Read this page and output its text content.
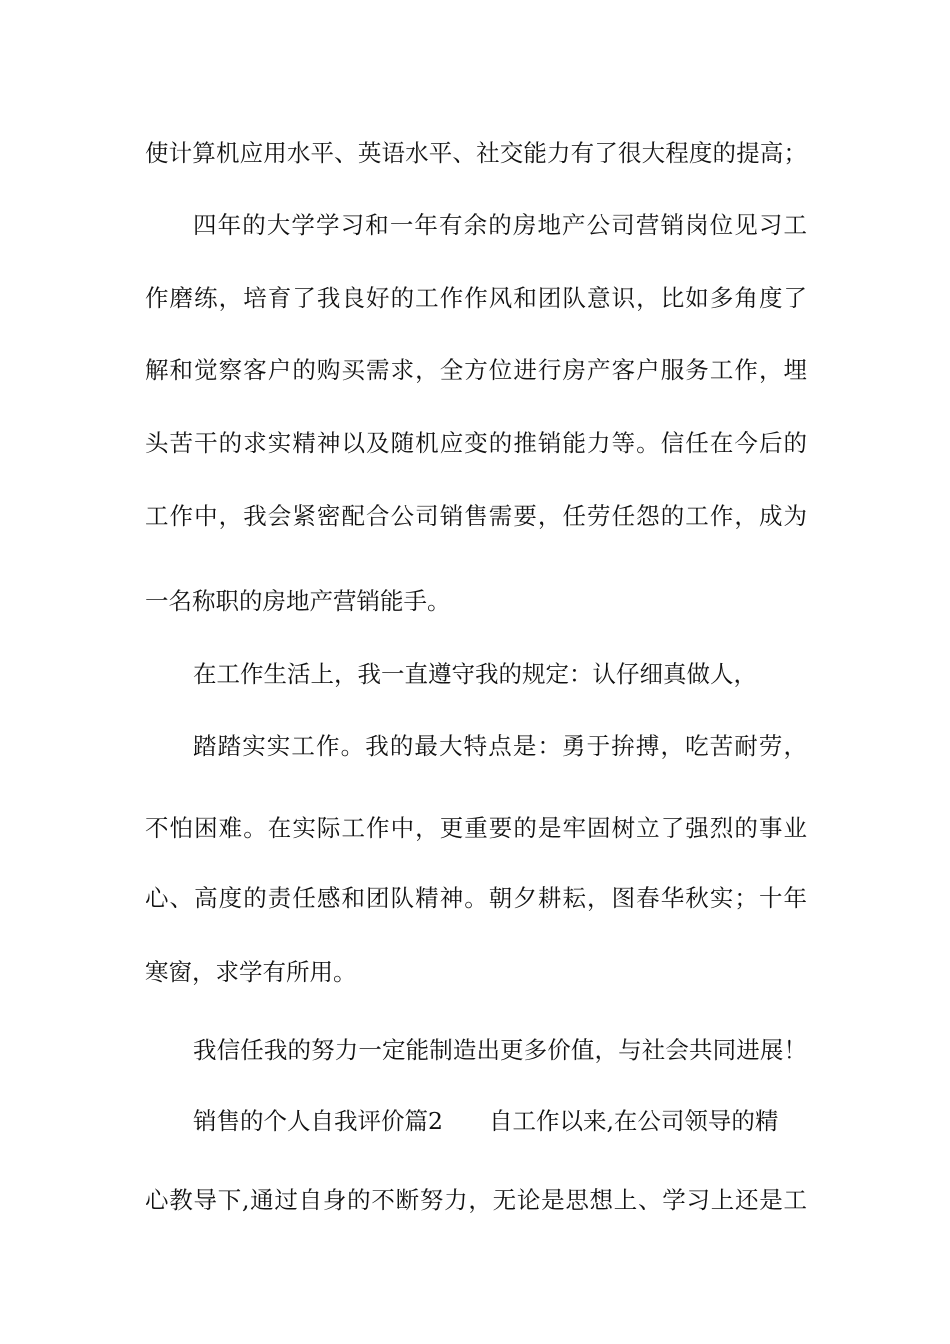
使计算机应用水平、英语水平、社交能力有了很大程度的提高；
四年的大学学习和一年有余的房地产公司营销岗位见习工
作磨练，培育了我良好的工作作风和团队意识，比如多角度了
解和觉察客户的购买需求，全方位进行房产客户服务工作，埋
头苦干的求实精神以及随机应变的推销能力等。信任在今后的
工作中，我会紧密配合公司销售需要，任劳任怨的工作，成为
一名称职的房地产营销能手。
在工作生活上，我一直遵守我的规定：认仔细真做人，
踏踏实实工作。我的最大特点是：勇于拚搏，吃苦耐劳，
不怕困难。在实际工作中，更重要的是牢固树立了强烈的事业
心、高度的责任感和团队精神。朝夕耕耘，图春华秋实；十年
寒窗，求学有所用。
我信任我的努力一定能制造出更多价值，与社会共同进展！
销售的个人自我评价篇2 自工作以来,在公司领导的精
心教导下,通过自身的不断努力，无论是思想上、学习上还是工
